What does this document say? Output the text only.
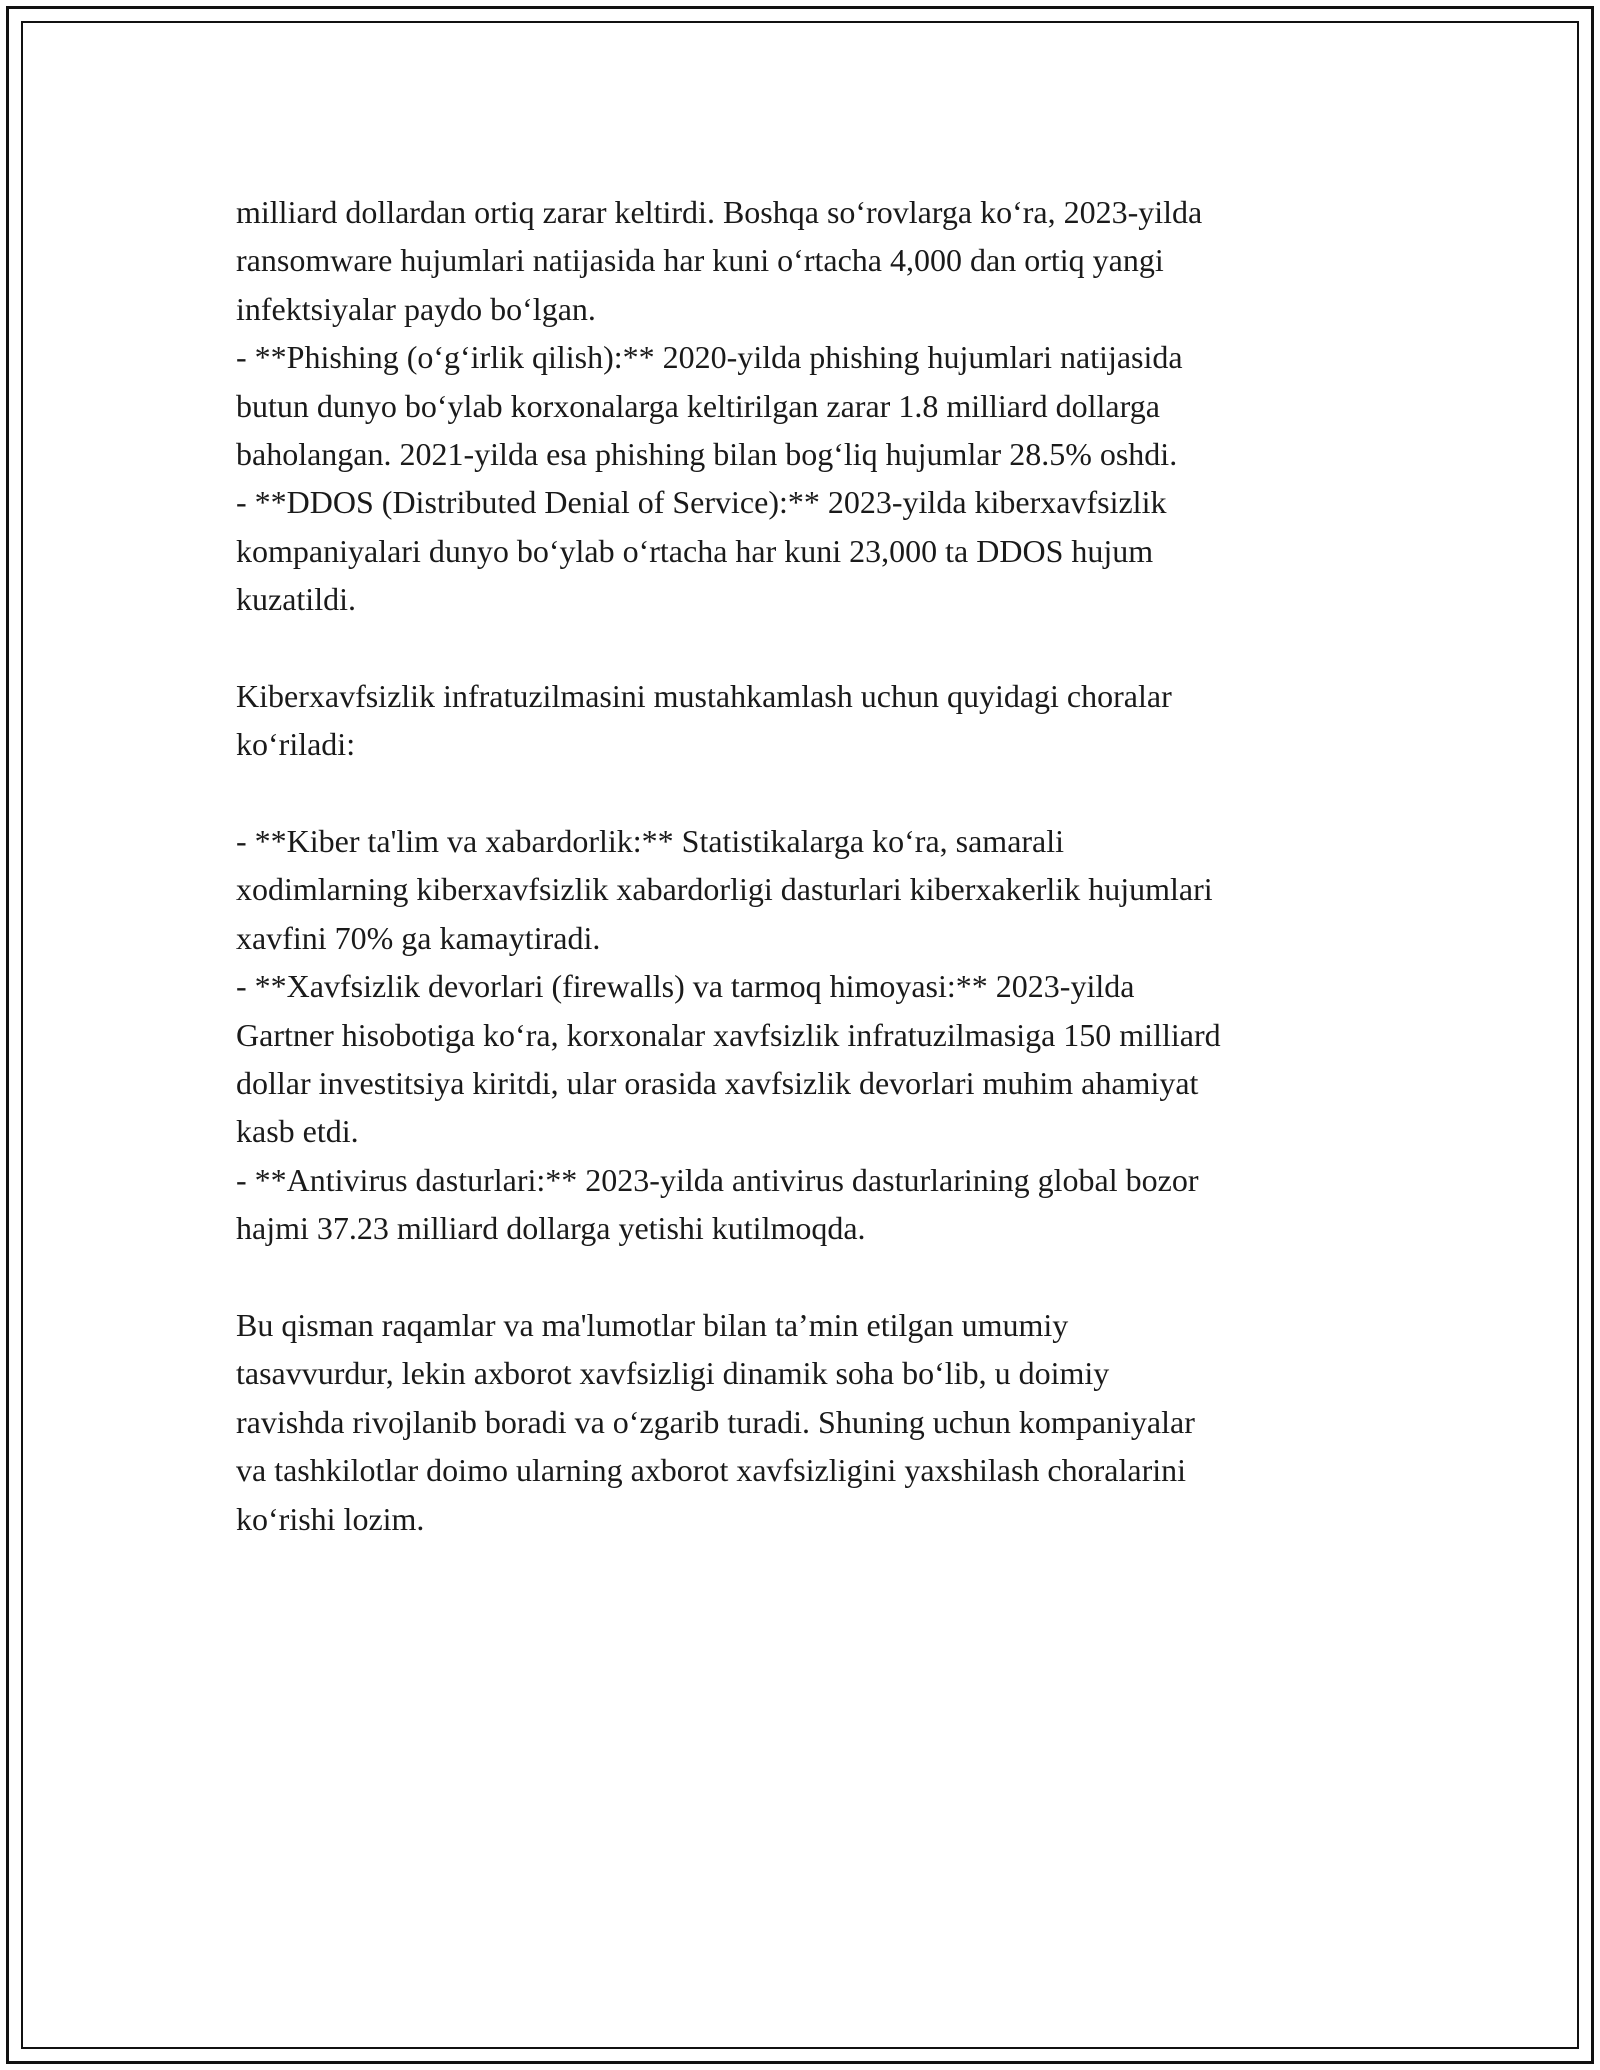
milliard dollardan ortiq zarar keltirdi. Boshqa so‘rovlarga ko‘ra, 2023-yilda
ransomware hujumlari natijasida har kuni o‘rtacha 4,000 dan ortiq yangi
infektsiyalar paydo bo‘lgan.
- **Phishing (o‘g‘irlik qilish):** 2020-yilda phishing hujumlari natijasida
butun dunyo bo‘ylab korxonalarga keltirilgan zarar 1.8 milliard dollarga
baholangan. 2021-yilda esa phishing bilan bog‘liq hujumlar 28.5% oshdi.
- **DDOS (Distributed Denial of Service):** 2023-yilda kiberxavfsizlik
kompaniyalari dunyo bo‘ylab o‘rtacha har kuni 23,000 ta DDOS hujum
kuzatildi.
Kiberxavfsizlik infratuzilmasini mustahkamlash uchun quyidagi choralar
ko‘riladi:
- **Kiber ta'lim va xabardorlik:** Statistikalarga ko‘ra, samarali
xodimlarning kiberxavfsizlik xabardorligi dasturlari kiberxakerlik hujumlari
xavfini 70% ga kamaytiradi.
- **Xavfsizlik devorlari (firewalls) va tarmoq himoyasi:** 2023-yilda
Gartner hisobotiga ko‘ra, korxonalar xavfsizlik infratuzilmasiga 150 milliard
dollar investitsiya kiritdi, ular orasida xavfsizlik devorlari muhim ahamiyat
kasb etdi.
- **Antivirus dasturlari:** 2023-yilda antivirus dasturlarining global bozor
hajmi 37.23 milliard dollarga yetishi kutilmoqda.
Bu qisman raqamlar va ma'lumotlar bilan ta’min etilgan umumiy
tasavvurdur, lekin axborot xavfsizligi dinamik soha bo‘lib, u doimiy
ravishda rivojlanib boradi va o‘zgarib turadi. Shuning uchun kompaniyalar
va tashkilotlar doimo ularning axborot xavfsizligini yaxshilash choralarini
ko‘rishi lozim.
